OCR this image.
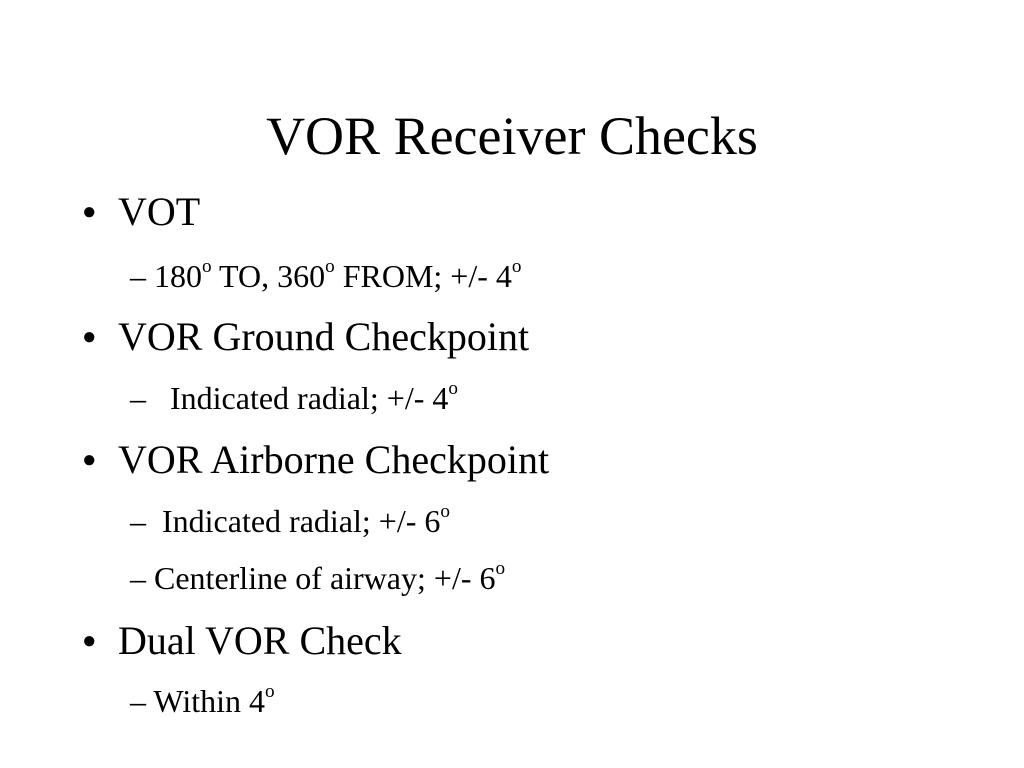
VOR Receiver Checks
● VOT
– 180$^o$ TO, 360$^o$ FROM; +/- 4$^o$
● VOR Ground Checkpoint
–   Indicated radial; +/- 4$^o$
● VOR Airborne Checkpoint
–  Indicated radial; +/- 6$^o$
– Centerline of airway; +/- 6$^o$
● Dual VOR Check
– Within 4$^o$
